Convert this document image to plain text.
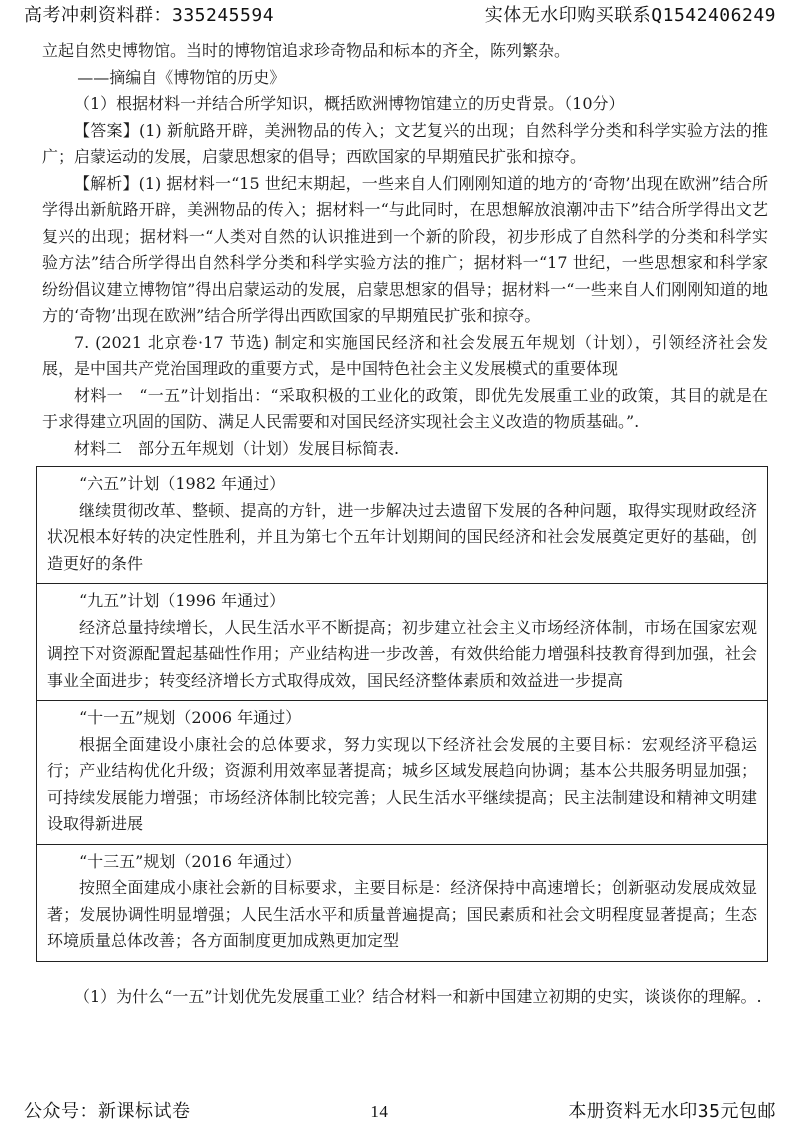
高考冲刺资料群：335245594	实体无水印购买联系Q1542406249

立起自然史博物馆。当时的博物馆追求珍奇物品和标本的齐全，陈列繁杂。

——摘编自《博物馆的历史》

（1）根据材料一并结合所学知识，概括欧洲博物馆建立的历史背景。（10分）

【答案】(1) 新航路开辟，美洲物品的传入；文艺复兴的出现；自然科学分类和科学实验方法的推广；启蒙运动的发展，启蒙思想家的倡导；西欧国家的早期殖民扩张和掠夺。

【解析】(1) 据材料一“15 世纪末期起，一些来自人们刚刚知道的地方的‘奇物’出现在欧洲”结合所学得出新航路开辟，美洲物品的传入；据材料一“与此同时，在思想解放浪潮冲击下”结合所学得出文艺复兴的出现；据材料一“人类对自然的认识推进到一个新的阶段，初步形成了自然科学的分类和科学实验方法”结合所学得出自然科学分类和科学实验方法的推广；据材料一“17 世纪，一些思想家和科学家纷纷倡议建立博物馆”得出启蒙运动的发展，启蒙思想家的倡导；据材料一“一些来自人们刚刚知道的地方的‘奇物’出现在欧洲”结合所学得出西欧国家的早期殖民扩张和掠夺。

7. (2021 北京卷·17 节选) 制定和实施国民经济和社会发展五年规划（计划），引领经济社会发展，是中国共产党治国理政的重要方式，是中国特色社会主义发展模式的重要体现

材料一　“一五”计划指出：“采取积极的工业化的政策，即优先发展重工业的政策，其目的就是在于求得建立巩固的国防、满足人民需要和对国民经济实现社会主义改造的物质基础。”.

材料二　部分五年规划（计划）发展目标简表.

“六五”计划（1982 年通过）

继续贯彻改革、整顿、提高的方针，进一步解决过去遗留下发展的各种问题，取得实现财政经济状况根本好转的决定性胜利，并且为第七个五年计划期间的国民经济和社会发展奠定更好的基础，创造更好的条件

“九五”计划（1996 年通过）

经济总量持续增长，人民生活水平不断提高；初步建立社会主义市场经济体制，市场在国家宏观调控下对资源配置起基础性作用；产业结构进一步改善，有效供给能力增强科技教育得到加强，社会事业全面进步；转变经济增长方式取得成效，国民经济整体素质和效益进一步提高

“十一五”规划（2006 年通过）

根据全面建设小康社会的总体要求，努力实现以下经济社会发展的主要目标：宏观经济平稳运行；产业结构优化升级；资源利用效率显著提高；城乡区域发展趋向协调；基本公共服务明显加强；可持续发展能力增强；市场经济体制比较完善；人民生活水平继续提高；民主法制建设和精神文明建设取得新进展

“十三五”规划（2016 年通过）

按照全面建成小康社会新的目标要求，主要目标是：经济保持中高速增长；创新驱动发展成效显著；发展协调性明显增强；人民生活水平和质量普遍提高；国民素质和社会文明程度显著提高；生态环境质量总体改善；各方面制度更加成熟更加定型

（1）为什么“一五”计划优先发展重工业？结合材料一和新中国建立初期的史实，谈谈你的理解。.

公众号：新课标试卷	14	本册资料无水印35元包邮
